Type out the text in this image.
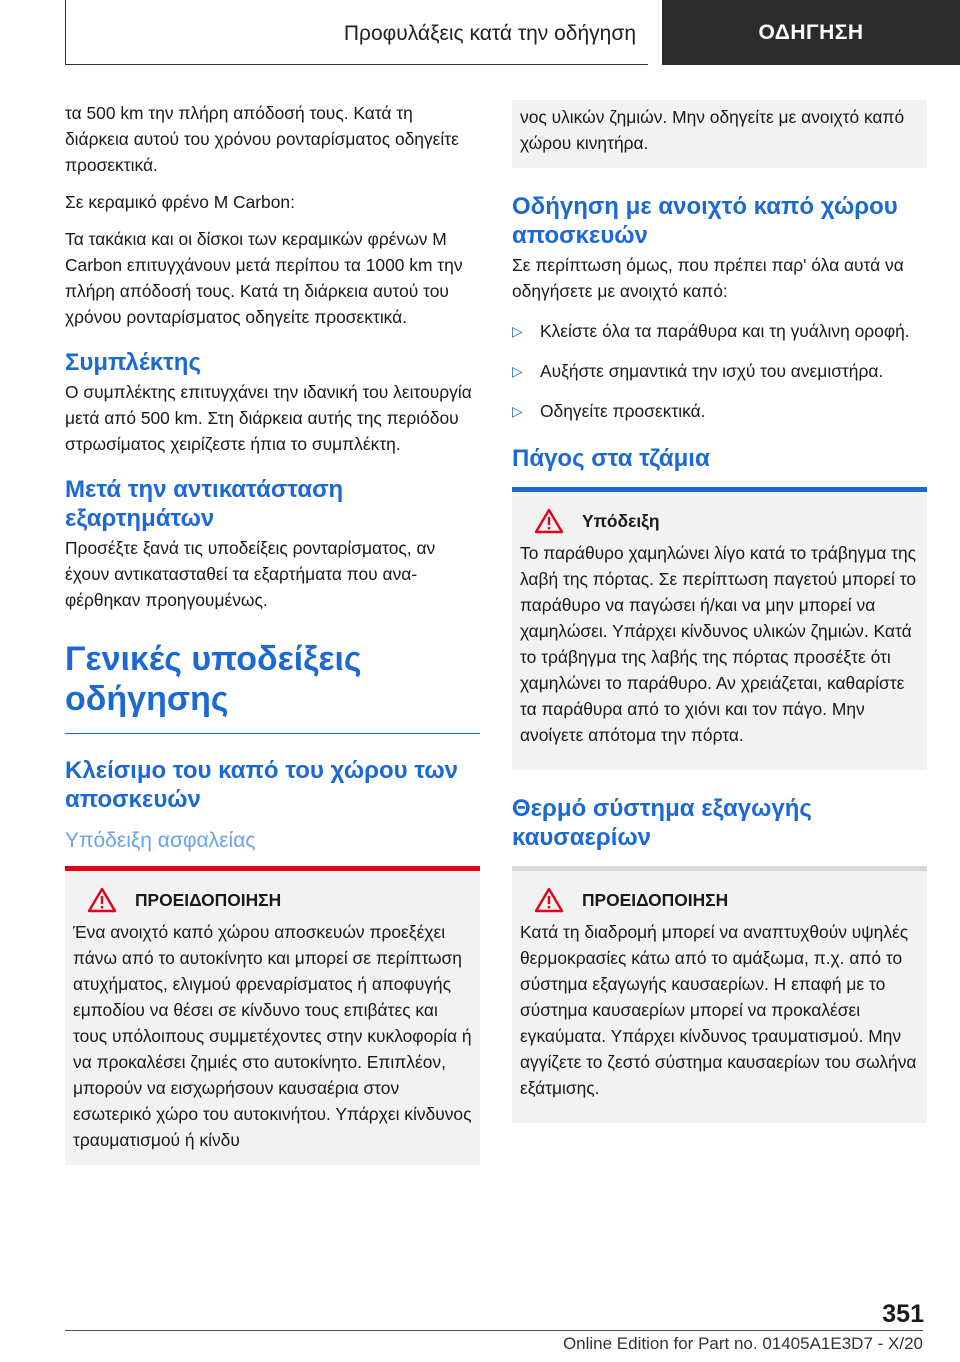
Προφυλάξεις κατά την οδήγηση	ΟΔΗΓΗΣΗ

τα 500 km την πλήρη απόδοσή τους. Κατά τη διάρκεια αυτού του χρόνου ρονταρίσματος οδηγείτε προσεκτικά.

Σε κεραμικό φρένο M Carbon:

Τα τακάκια και οι δίσκοι των κεραμικών φρένων M Carbon επιτυγχάνουν μετά περίπου τα 1000 km την πλήρη απόδοσή τους. Κατά τη διάρκεια αυτού του χρόνου ρονταρίσματος οδηγείτε προσεκτικά.

Συμπλέκτης

Ο συμπλέκτης επιτυγχάνει την ιδανική του λειτουργία μετά από 500 km. Στη διάρκεια αυτής της περιόδου στρωσίματος χειρίζεστε ήπια το συμπλέκτη.

Μετά την αντικατάσταση εξαρτημάτων

Προσέξτε ξανά τις υποδείξεις ρονταρίσματος, αν έχουν αντικατασταθεί τα εξαρτήματα που αναφέρθηκαν προηγουμένως.

Γενικές υποδείξεις οδήγησης
Κλείσιμο του καπό του χώρου των αποσκευών
Υπόδειξη ασφαλείας
ΠΡΟΕΙΔΟΠΟΙΗΣΗ

Ένα ανοιχτό καπό χώρου αποσκευών προεξέχει πάνω από το αυτοκίνητο και μπορεί σε περίπτωση ατυχήματος, ελιγμού φρεναρίσματος ή αποφυγής εμποδίου να θέσει σε κίνδυνο τους επιβάτες και τους υπόλοιπους συμμετέχοντες στην κυκλοφορία ή να προκαλέσει ζημιές στο αυτοκίνητο. Επιπλέον, μπορούν να εισχωρήσουν καυσαέρια στον εσωτερικό χώρο του αυτοκινήτου. Υπάρχει κίνδυνος τραυματισμού ή κίνδυ

νος υλικών ζημιών. Μην οδηγείτε με ανοιχτό καπό χώρου κινητήρα.

Οδήγηση με ανοιχτό καπό χώρου αποσκευών

Σε περίπτωση όμως, που πρέπει παρ' όλα αυτά να οδηγήσετε με ανοιχτό καπό:

▷ Κλείστε όλα τα παράθυρα και τη γυάλινη οροφή.
▷ Αυξήστε σημαντικά την ισχύ του ανεμιστήρα.
▷ Οδηγείτε προσεκτικά.
Πάγος στα τζάμια
Υπόδειξη

Το παράθυρο χαμηλώνει λίγο κατά το τράβηγμα της λαβή της πόρτας. Σε περίπτωση παγετού μπορεί το παράθυρο να παγώσει ή/και να μην μπορεί να χαμηλώσει. Υπάρχει κίνδυνος υλικών ζημιών. Κατά το τράβηγμα της λαβής της πόρτας προσέξτε ότι χαμηλώνει το παράθυρο. Αν χρειάζεται, καθαρίστε τα παράθυρα από το χιόνι και τον πάγο. Μην ανοίγετε απότομα την πόρτα.

Θερμό σύστημα εξαγωγής καυσαερίων
ΠΡΟΕΙΔΟΠΟΙΗΣΗ

Κατά τη διαδρομή μπορεί να αναπτυχθούν υψηλές θερμοκρασίες κάτω από το αμάξωμα, π.χ. από το σύστημα εξαγωγής καυσαερίων. Η επαφή με το σύστημα καυσαερίων μπορεί να προκαλέσει εγκαύματα. Υπάρχει κίνδυνος τραυματισμού. Μην αγγίζετε το ζεστό σύστημα καυσαερίων του σωλήνα εξάτμισης.

351
Online Edition for Part no. 01405A1E3D7 - X/20
